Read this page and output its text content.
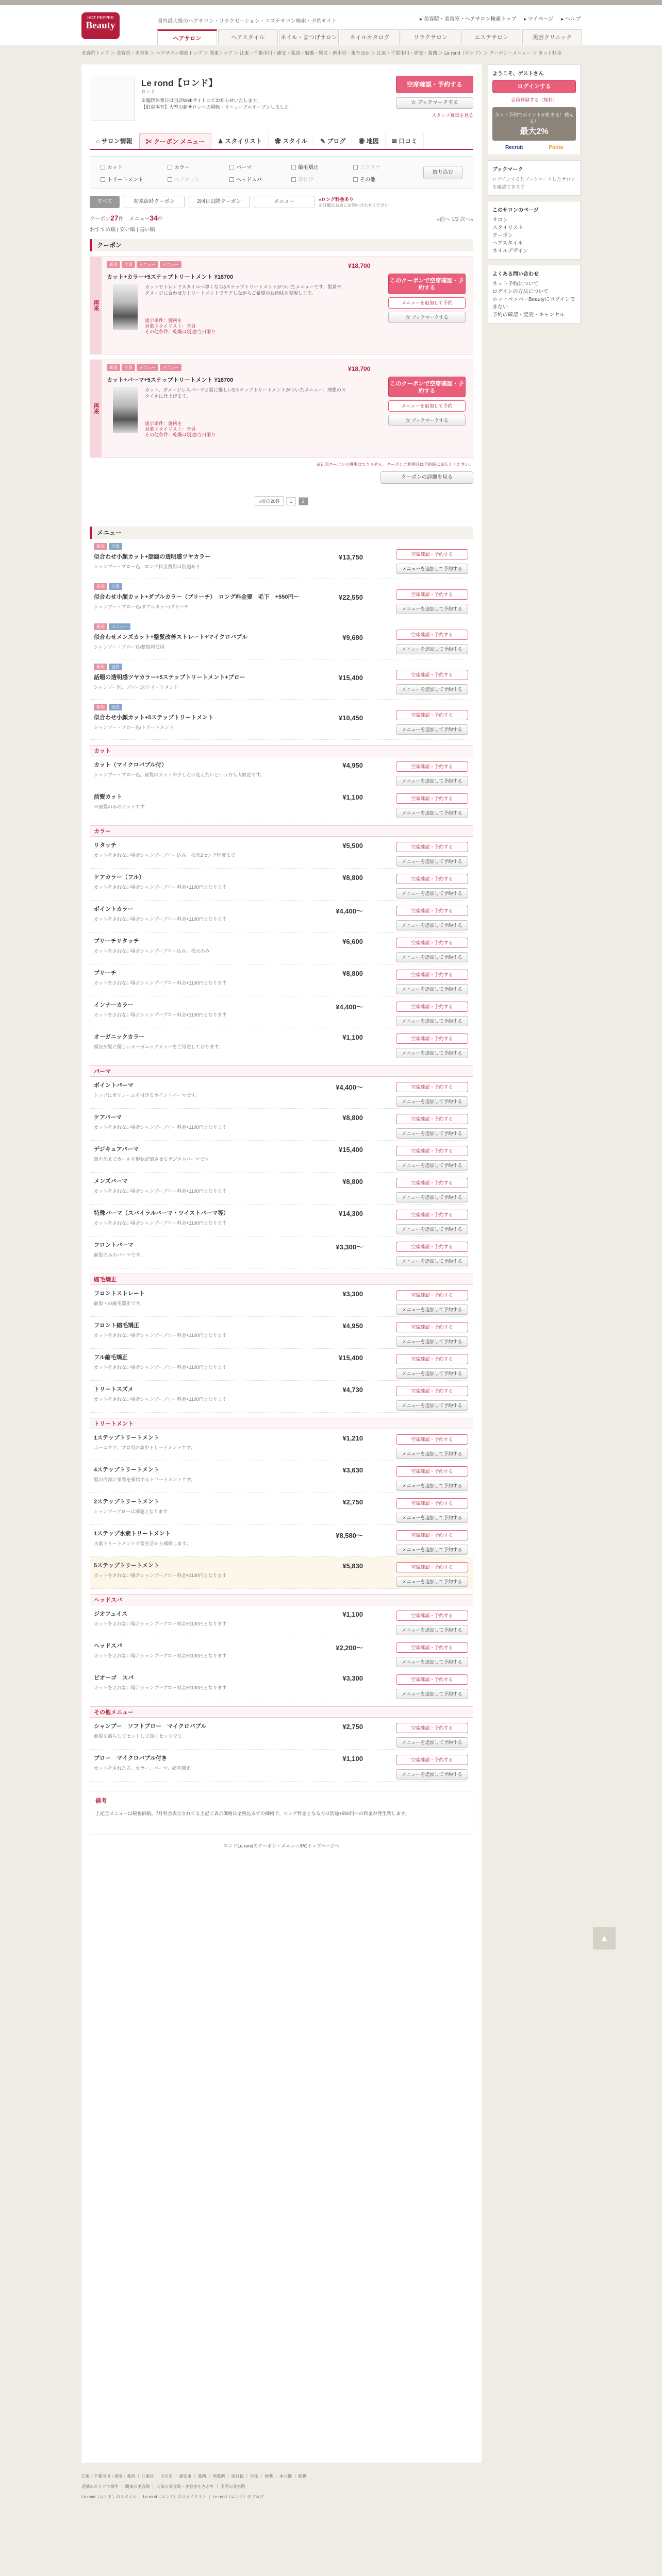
HOT PEPPER
Beauty	国内最大級のヘアサロン・リラクゼーション・エステサロン検索・予約サイト	▸ 美容院・美容室・ヘアサロン検索トップ ▸ マイページ ▸ ヘルプ
ヘアサロン	ヘアスタイル	ネイル・まつげサロン	ネイルカタログ	リラクサロン	エステサロン	美容クリニック
美容院トップ ＞ 美容院・美容室 ＞ ヘアサロン検索トップ ＞ 関東トップ ＞ 江東・千葉市川・浦安・葛西・船橋・柴又・新小岩・亀有ほか ＞ 江東・千葉市川・浦安・葛西 ＞ Le rond（ロンド）＞ クーポン・メニュー ＞ カット料金
Le rond【ロンド】
ロンド
※臨時休業日は当店Webサイトにてお知らせいたします。
【駐車場有】大型の新サロンへの移転・リニューアルオープンしました！
空席確認・予約する
☆ ブックマークする
スタッフ募集を見る
⌂ サロン情報	✂ クーポン メニュー	♟ スタイリスト	✿ スタイル	✎ ブログ	◉ 地図	✉ 口コミ
カット	カラー	パーマ	縮毛矯正	エクステ
トリートメント	ヘアセット	ヘッドスパ	着付け	その他
絞り込む
すべて	初来店時クーポン	2回目以降クーポン	メニュー	»ロング料金あり
※詳細はお店にお問い合わせください
クーポン27件 メニュー34件	«前へ 1/2 次へ»
おすすめ順 | 安い順 | 高い順
クーポン
再来
新規	全員	メニュー	メニュー	¥18,700
カット+カラー+5ステップトリートメント ¥18700
カットでトレンドスタイルへ導くなら5ステップトリートメントがついたメニューです。髪質やダメージに合わせたトリートメントでケアしながらご希望のお色味を実現します。
提示条件：施術を
対象スタイリスト：全員
その他条件：乾燥は別途/当日限り
このクーポンで空席確認・予約する
メニューを追加して予約
☆ ブックマークする
再来
新規	全員	メニュー	メニュー	¥18,700
カット+パーマ+5ステップトリートメント ¥18700
カット、ダメージレスパーマと髪に優しい5ステップトリートメントがついたメニュー。理想のスタイルに仕上げます。
提示条件：施術を
対象スタイリスト：全員
その他条件：乾燥は別途/当日限り
このクーポンで空席確認・予約する
メニューを追加して予約
☆ ブックマークする
※初回クーポンの併用はできません。クーポンご利用時は予約時にお伝えください。
クーポンの詳細を見る
«前の20件 1 2
メニュー
新規	全員
似合わせ小顔カット+話題の透明感ツヤカラー
シャンプー・ブロー込　ロング料金費用は別途あり
¥13,750	空席確認・予約する
メニューを追加して予約する
新規	全員
似合わせ小顔カット+ダブルカラー（ブリーチ）　ロング料金要　毛下　+550円〜
シャンプー・ブロー込/ダブルカラー/ブリーチ
¥22,550	空席確認・予約する
メニューを追加して予約する
新規	メニュー
似合わせメンズカット+整髪改善ストレート+マイクロバブル
シャンプー・ブロー込/整髪料使用
¥9,680	空席確認・予約する
メニューを追加して予約する
新規	全員
話題の透明感ツヤカラー+5ステップトリートメント+ブロー
シャンプー別、ブロー込/トリートメント
¥15,400	空席確認・予約する
メニューを追加して予約する
新規	全員
似合わせ小顔カット+5ステップトリートメント
シャンプー・ブロー込/トリートメント
¥10,450	空席確認・予約する
メニューを追加して予約する
カット
カット（マイクロバブル付）
シャンプー・ブロー込。前髪のカットや少しだけ変えたいという方も大歓迎です。
¥4,950	空席確認・予約する
メニューを追加して予約する
前髪カット
※前髪のみのカットです
¥1,100	空席確認・予約する
メニューを追加して予約する
カラー
リタッチ
カットをされない場合シャンプーブロー込み。根元2センチ程度まで
¥5,500	空席確認・予約する
メニューを追加して予約する
ケアカラー（フル）
カットをされない場合シャンプーブロー料金+1100円となります
¥8,800	空席確認・予約する
メニューを追加して予約する
ポイントカラー
カットをされない場合シャンプーブロー料金+1100円となります
¥4,400〜	空席確認・予約する
メニューを追加して予約する
ブリーチリタッチ
カットをされない場合シャンプーブロー込み。根元のみ
¥6,600	空席確認・予約する
メニューを追加して予約する
ブリーチ
カットをされない場合シャンプーブロー料金+1100円となります
¥8,800	空席確認・予約する
メニューを追加して予約する
インナーカラー
カットをされない場合シャンプーブロー料金+1100円となります
¥4,400〜	空席確認・予約する
メニューを追加して予約する
オーガニックカラー
頭皮や髪に優しいオーガニックカラーをご用意しております。
¥1,100	空席確認・予約する
メニューを追加して予約する
パーマ
ポイントパーマ
トップにボリュームを付けるポイントパーマです。
¥4,400〜	空席確認・予約する
メニューを追加して予約する
ケアパーマ
カットをされない場合シャンプーブロー料金+1100円となります
¥8,800	空席確認・予約する
メニューを追加して予約する
デジキュアパーマ
熱を加えてカールを形状記憶させるデジタルパーマです。
¥15,400	空席確認・予約する
メニューを追加して予約する
メンズパーマ
カットをされない場合シャンプーブロー料金+1100円となります
¥8,800	空席確認・予約する
メニューを追加して予約する
特殊パーマ（スパイラルパーマ・ツイストパーマ等）
カットをされない場合シャンプーブロー料金+1100円となります
¥14,300	空席確認・予約する
メニューを追加して予約する
フロントパーマ
前髪のみのパーマです。
¥3,300〜	空席確認・予約する
メニューを追加して予約する
縮毛矯正
フロントストレート
前髪への縮毛矯正です。
¥3,300	空席確認・予約する
メニューを追加して予約する
フロント縮毛矯正
カットをされない場合シャンプーブロー料金+1100円となります
¥4,950	空席確認・予約する
メニューを追加して予約する
フル縮毛矯正
カットをされない場合シャンプーブロー料金+1100円となります
¥15,400	空席確認・予約する
メニューを追加して予約する
トリートスズメ
カットをされない場合シャンプーブロー料金+1100円となります
¥4,730	空席確認・予約する
メニューを追加して予約する
トリートメント
1ステップトリートメント
ホームケア、プロ用の集中トリートメントです。
¥1,210	空席確認・予約する
メニューを追加して予約する
4ステップトリートメント
髪の内部に栄養を補給するトリートメントです。
¥3,630	空席確認・予約する
メニューを追加して予約する
2ステップトリートメント
シャンプーブローは別途となります
¥2,750	空席確認・予約する
メニューを追加して予約する
1ステップ水素トリートメント
水素トリートメントで髪を芯から補修します。
¥8,580〜	空席確認・予約する
メニューを追加して予約する
5ステップトリートメント
カットをされない場合シャンプーブロー料金+1100円となります
¥5,830	空席確認・予約する
メニューを追加して予約する
ヘッドスパ
ジオフェイス
カットをされない場合シャンプーブロー料金+1100円となります
¥1,100	空席確認・予約する
メニューを追加して予約する
ヘッドスパ
カットをされない場合シャンプーブロー料金+1100円となります
¥2,200〜	空席確認・予約する
メニューを追加して予約する
ピオーゴ　スパ
カットをされない場合シャンプーブロー料金+1100円となります
¥3,300	空席確認・予約する
メニューを追加して予約する
その他メニュー
シャンプー　ソフトブロー　マイクロバブル
前髪を濡らしてセットして頂くセットです。
¥2,750	空席確認・予約する
メニューを追加して予約する
ブロー　マイクロバブル付き
カットをされた方、カラー、パーマ、縮毛矯正
¥1,100	空席確認・予約する
メニューを追加して予約する
備考
上記全メニューは税抜価格。7月料金表示されてる上記ご表示価格は全税込みでの価格で、ロング料金となる方は別途+550円〜の料金が発生致します。
ロンドLe rondのクーポン・メニュー/PCトップページへ
ようこそ、ゲストさん
ログインする
会員登録する（無料）
ネット予約でポイントが貯まる！使える！
最大2%
Recruit	Ponta
ブックマーク
ログインするとブックマークしたサロンを確認できます
このサロンのページ
サロン
スタイリスト
クーポン
ヘアスタイル
ネイルデザイン
よくある問い合わせ
ネット予約について
ログインの方法について
ホットペッパーBeautyにログインできない
予約の確認・変更・キャンセル
▲
江東・千葉市川・浦安・葛西 ｜ 江東区 ｜ 市川市 ｜ 浦安市 ｜ 葛西 ｜ 西葛西 ｜ 南行徳 ｜ 行徳 ｜ 妙典 ｜ 本八幡 ｜ 船橋
近隣のエリアで探す ｜ 関東の美容院 ｜ 人気の美容院・美容室をさがす ｜ 全国の美容院
Le rond（ロンド）のスタイル ｜ Le rond（ロンド）のスタイリスト ｜ Le rond（ロンド）のブログ
